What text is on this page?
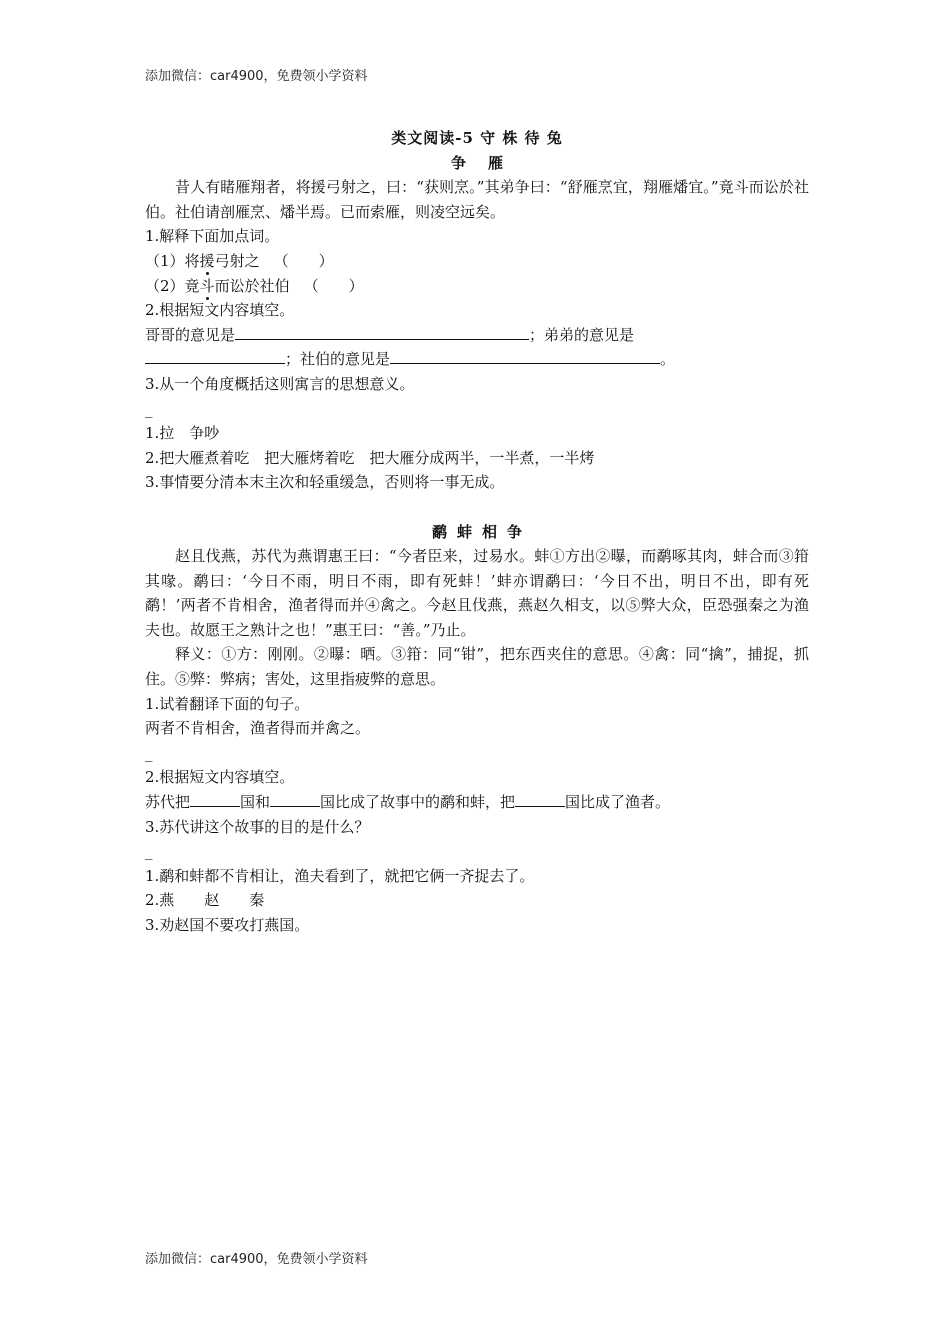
添加微信：car4900，免费领小学资料
类文阅读-5 守 株 待 兔
争雁
昔人有睹雁翔者，将援弓射之，曰：“获则烹。”其弟争曰：“舒雁烹宜，翔雁燔宜。”竟斗而讼於社伯。社伯请剖雁烹、燔半焉。已而索雁，则凌空远矣。
1.解释下面加点词。
（1）将援弓射之 （　　）
（2）竟斗而讼於社伯 （　　）
2.根据短文内容填空。
哥哥的意见是	；弟弟的意见是
；社伯的意见是	。
3.从一个角度概括这则寓言的思想意义。
_
1.拉　争吵
2.把大雁煮着吃　把大雁烤着吃　把大雁分成两半，一半煮，一半烤
3.事情要分清本末主次和轻重缓急，否则将一事无成。
鹬蚌相争
赵且伐燕，苏代为燕谓惠王曰：“今者臣来，过易水。蚌①方出②曝，而鹬啄其肉，蚌合而③箝其喙。鹬曰：‘今日不雨，明日不雨，即有死蚌！’蚌亦谓鹬曰：‘今日不出，明日不出，即有死鹬！’两者不肯相舍，渔者得而并④禽之。今赵且伐燕，燕赵久相支，以⑤弊大众，臣恐强秦之为渔夫也。故愿王之熟计之也！”惠王曰：“善。”乃止。
释义：①方：刚刚。②曝：晒。③箝：同“钳”，把东西夹住的意思。④禽：同“擒”，捕捉，抓住。⑤弊：弊病；害处，这里指疲弊的意思。
1.试着翻译下面的句子。
两者不肯相舍，渔者得而并禽之。
_
2.根据短文内容填空。
苏代把	国和	国比成了故事中的鹬和蚌，把	国比成了渔者。
3.苏代讲这个故事的目的是什么？
_
1.鹬和蚌都不肯相让，渔夫看到了，就把它俩一齐捉去了。
2.燕　　赵　　秦
3.劝赵国不要攻打燕国。
添加微信：car4900，免费领小学资料
